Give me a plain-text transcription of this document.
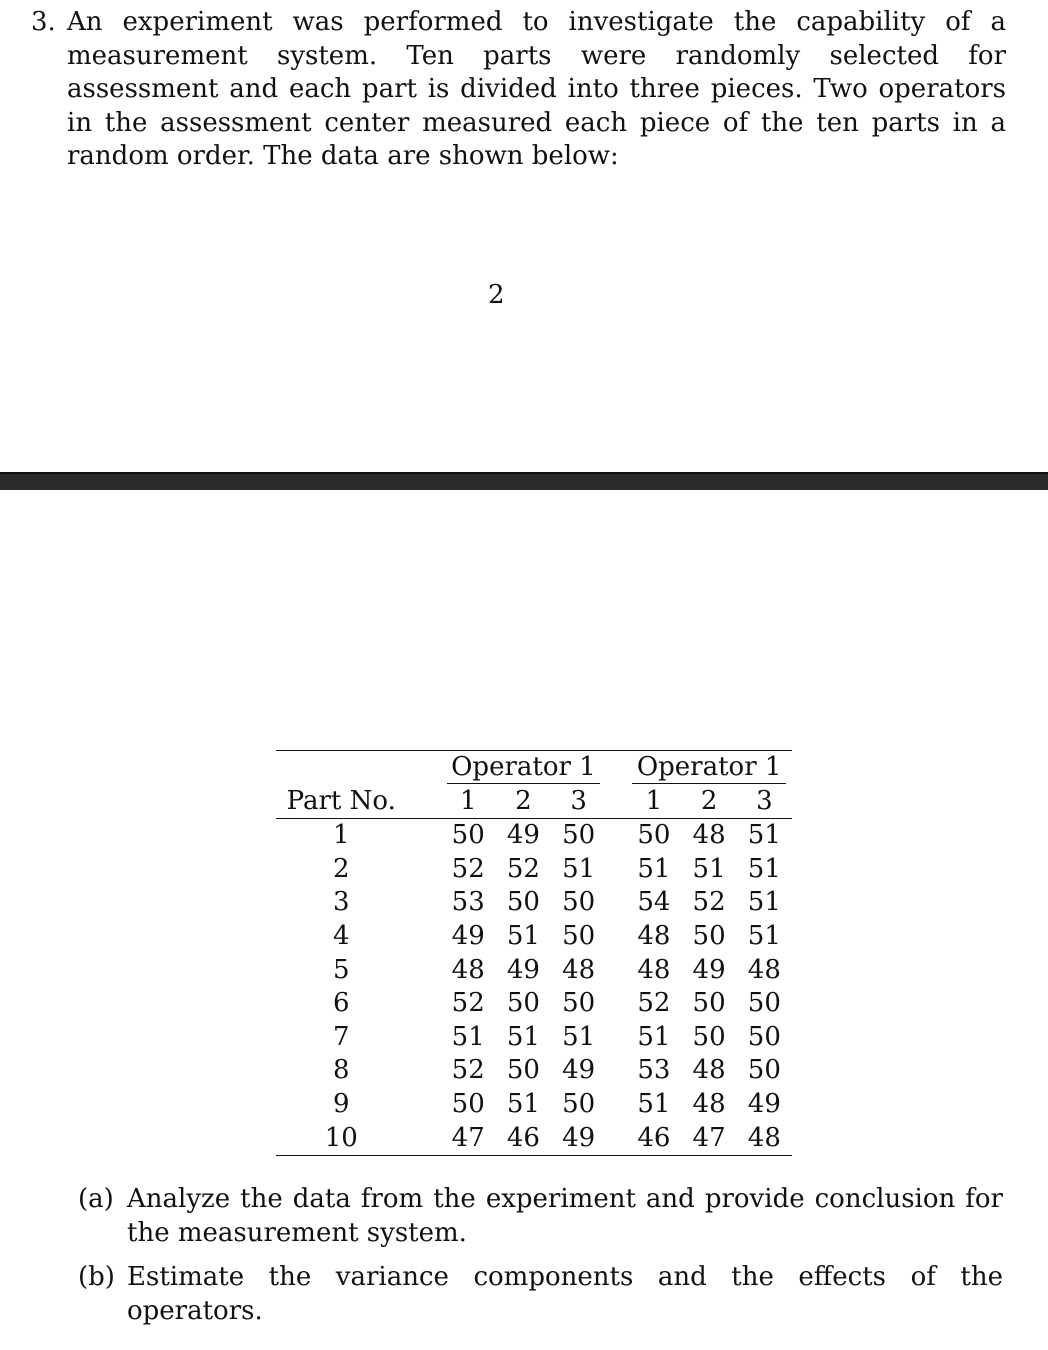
3. An experiment was performed to investigate the capability of a measurement system. Ten parts were randomly selected for assessment and each part is divided into three pieces. Two operators in the assessment center measured each piece of the ten parts in a random order. The data are shown below:
2

		Operator 1				Operator 1		

Part No.		1	2	3		1	2	3
1		50	49	50		50	48	51
2		52	52	51		51	51	51
3		53	50	50		54	52	51
4		49	51	50		48	50	51
5		48	49	48		48	49	48
6		52	50	50		52	50	50
7		51	51	51		51	50	50
8		52	50	49		53	48	50
9		50	51	50		51	48	49
10		47	46	49		46	47	48
(a) Analyze the data from the experiment and provide conclusion for the measurement system.
(b) Estimate the variance components and the effects of the operators.
